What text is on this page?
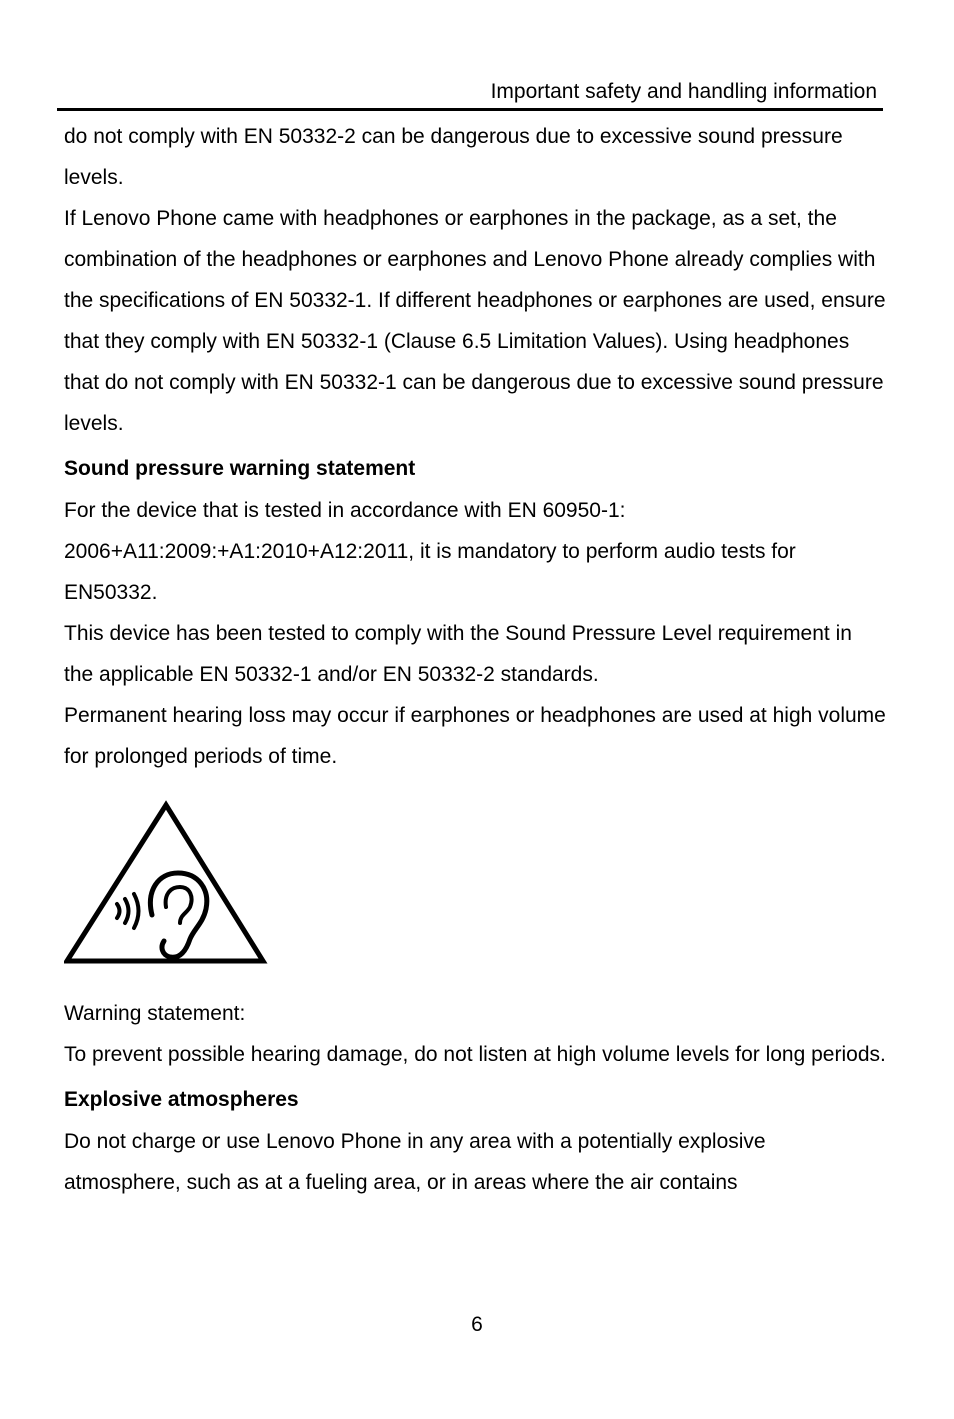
Important safety and handling information

do not comply with EN 50332-2 can be dangerous due to excessive sound pressure levels.

If Lenovo Phone came with headphones or earphones in the package, as a set, the combination of the headphones or earphones and Lenovo Phone already complies with the specifications of EN 50332-1. If different headphones or earphones are used, ensure that they comply with EN 50332-1 (Clause 6.5 Limitation Values). Using headphones that do not comply with EN 50332-1 can be dangerous due to excessive sound pressure levels.

Sound pressure warning statement

For the device that is tested in accordance with EN 60950-1: 2006+A11:2009:+A1:2010+A12:2011, it is mandatory to perform audio tests for EN50332.

This device has been tested to comply with the Sound Pressure Level requirement in the applicable EN 50332-1 and/or EN 50332-2 standards.

Permanent hearing loss may occur if earphones or headphones are used at high volume for prolonged periods of time.

Warning statement:

To prevent possible hearing damage, do not listen at high volume levels for long periods.

Explosive atmospheres

Do not charge or use Lenovo Phone in any area with a potentially explosive atmosphere, such as at a fueling area, or in areas where the air contains

6
